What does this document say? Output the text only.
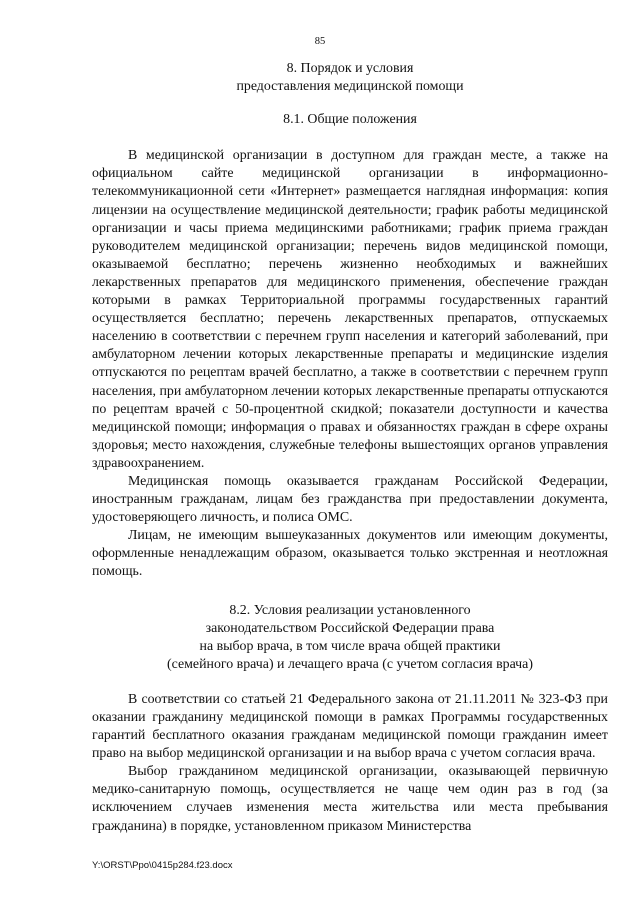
85
8. Порядок и условия
предоставления медицинской помощи
8.1. Общие положения

В медицинской организации в доступном для граждан месте, а также на официальном сайте медицинской организации в информационно-телекоммуникационной сети «Интернет» размещается наглядная информация: копия лицензии на осуществление медицинской деятельности; график работы медицинской организации и часы приема медицинскими работниками; график приема граждан руководителем медицинской организации; перечень видов медицинской помощи, оказываемой бесплатно; перечень жизненно необходимых и важнейших лекарственных препаратов для медицинского применения, обеспечение граждан которыми в рамках Территориальной программы государственных гарантий осуществляется бесплатно; перечень лекарственных препаратов, отпускаемых населению в соответствии с перечнем групп населения и категорий заболеваний, при амбулаторном лечении которых лекарственные препараты и медицинские изделия отпускаются по рецептам врачей бесплатно, а также в соответствии с перечнем групп населения, при амбулаторном лечении которых лекарственные препараты отпускаются по рецептам врачей с 50-процентной скидкой; показатели доступности и качества медицинской помощи; информация о правах и обязанностях граждан в сфере охраны здоровья; место нахождения, служебные телефоны вышестоящих органов управления здравоохранением.

Медицинская помощь оказывается гражданам Российской Федерации, иностранным гражданам, лицам без гражданства при предоставлении документа, удостоверяющего личность, и полиса ОМС.

Лицам, не имеющим вышеуказанных документов или имеющим документы, оформленные ненадлежащим образом, оказывается только экстренная и неотложная помощь.

8.2. Условия реализации установленного
законодательством Российской Федерации права
на выбор врача, в том числе врача общей практики
(семейного врача) и лечащего врача (с учетом согласия врача)

В соответствии со статьей 21 Федерального закона от 21.11.2011 № 323-ФЗ при оказании гражданину медицинской помощи в рамках Программы государственных гарантий бесплатного оказания гражданам медицинской помощи гражданин имеет право на выбор медицинской организации и на выбор врача с учетом согласия врача.

Выбор гражданином медицинской организации, оказывающей первичную медико-санитарную помощь, осуществляется не чаще чем один раз в год (за исключением случаев изменения места жительства или места пребывания гражданина) в порядке, установленном приказом Министерства

Y:\ORST\Ppo\0415p284.f23.docx
